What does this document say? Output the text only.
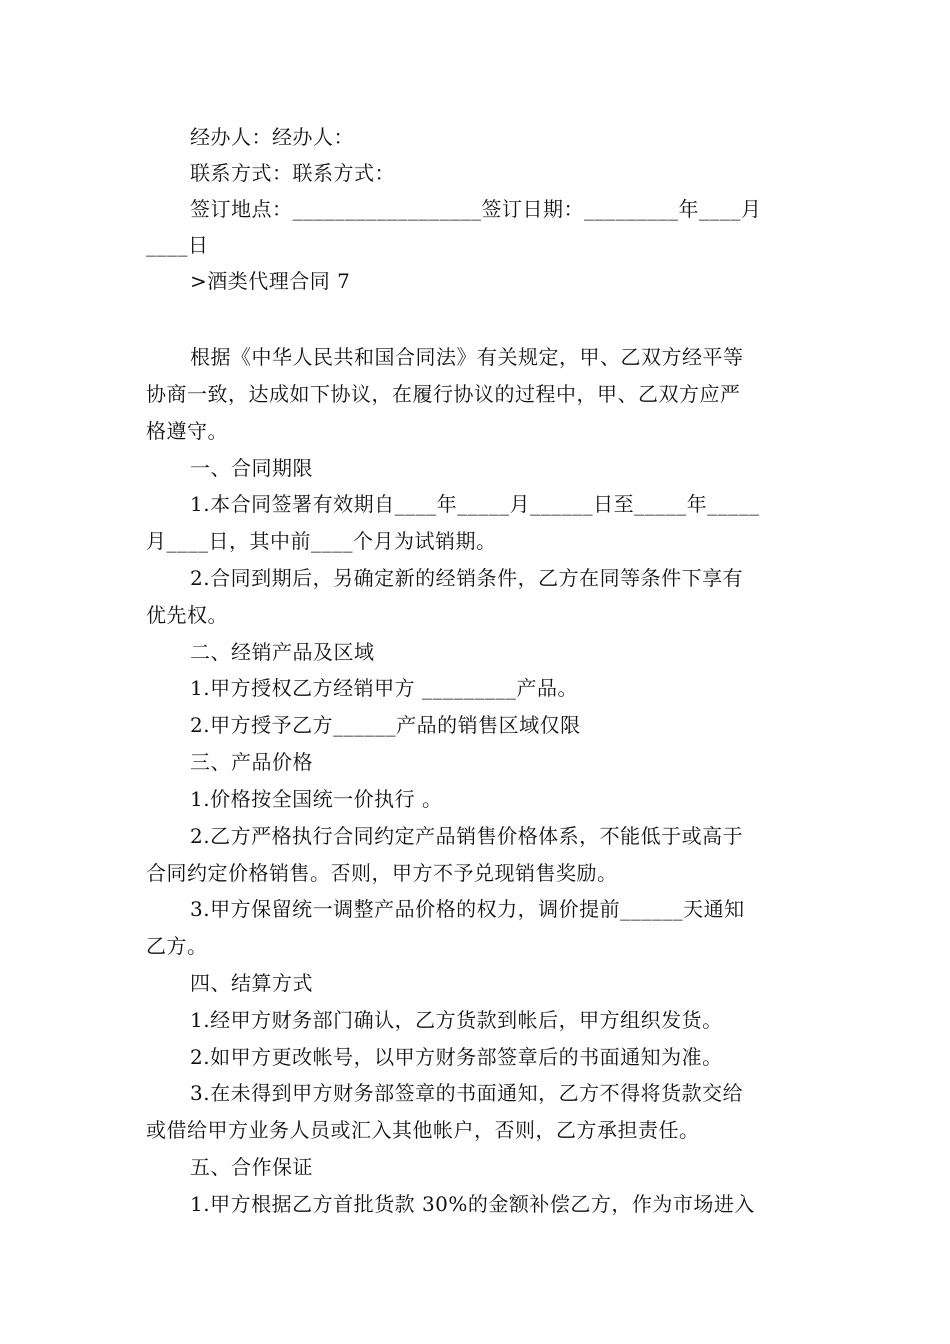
经办人：经办人：
联系方式：联系方式：
签订地点：__________________签订日期：_________年____月
____日
>酒类代理合同 7
根据《中华人民共和国合同法》有关规定，甲、乙双方经平等
协商一致，达成如下协议，在履行协议的过程中，甲、乙双方应严
格遵守。
一、合同期限
1.本合同签署有效期自____年_____月______日至_____年_____
月____日，其中前____个月为试销期。
2.合同到期后，另确定新的经销条件，乙方在同等条件下享有
优先权。
二、经销产品及区域
1.甲方授权乙方经销甲方 _________产品。
2.甲方授予乙方______产品的销售区域仅限
三、产品价格
1.价格按全国统一价执行 。
2.乙方严格执行合同约定产品销售价格体系，不能低于或高于
合同约定价格销售。否则，甲方不予兑现销售奖励。
3.甲方保留统一调整产品价格的权力，调价提前______天通知
乙方。
四、结算方式
1.经甲方财务部门确认，乙方货款到帐后，甲方组织发货。
2.如甲方更改帐号，以甲方财务部签章后的书面通知为准。
3.在未得到甲方财务部签章的书面通知，乙方不得将货款交给
或借给甲方业务人员或汇入其他帐户，否则，乙方承担责任。
五、合作保证
1.甲方根据乙方首批货款 30%的金额补偿乙方，作为市场进入
